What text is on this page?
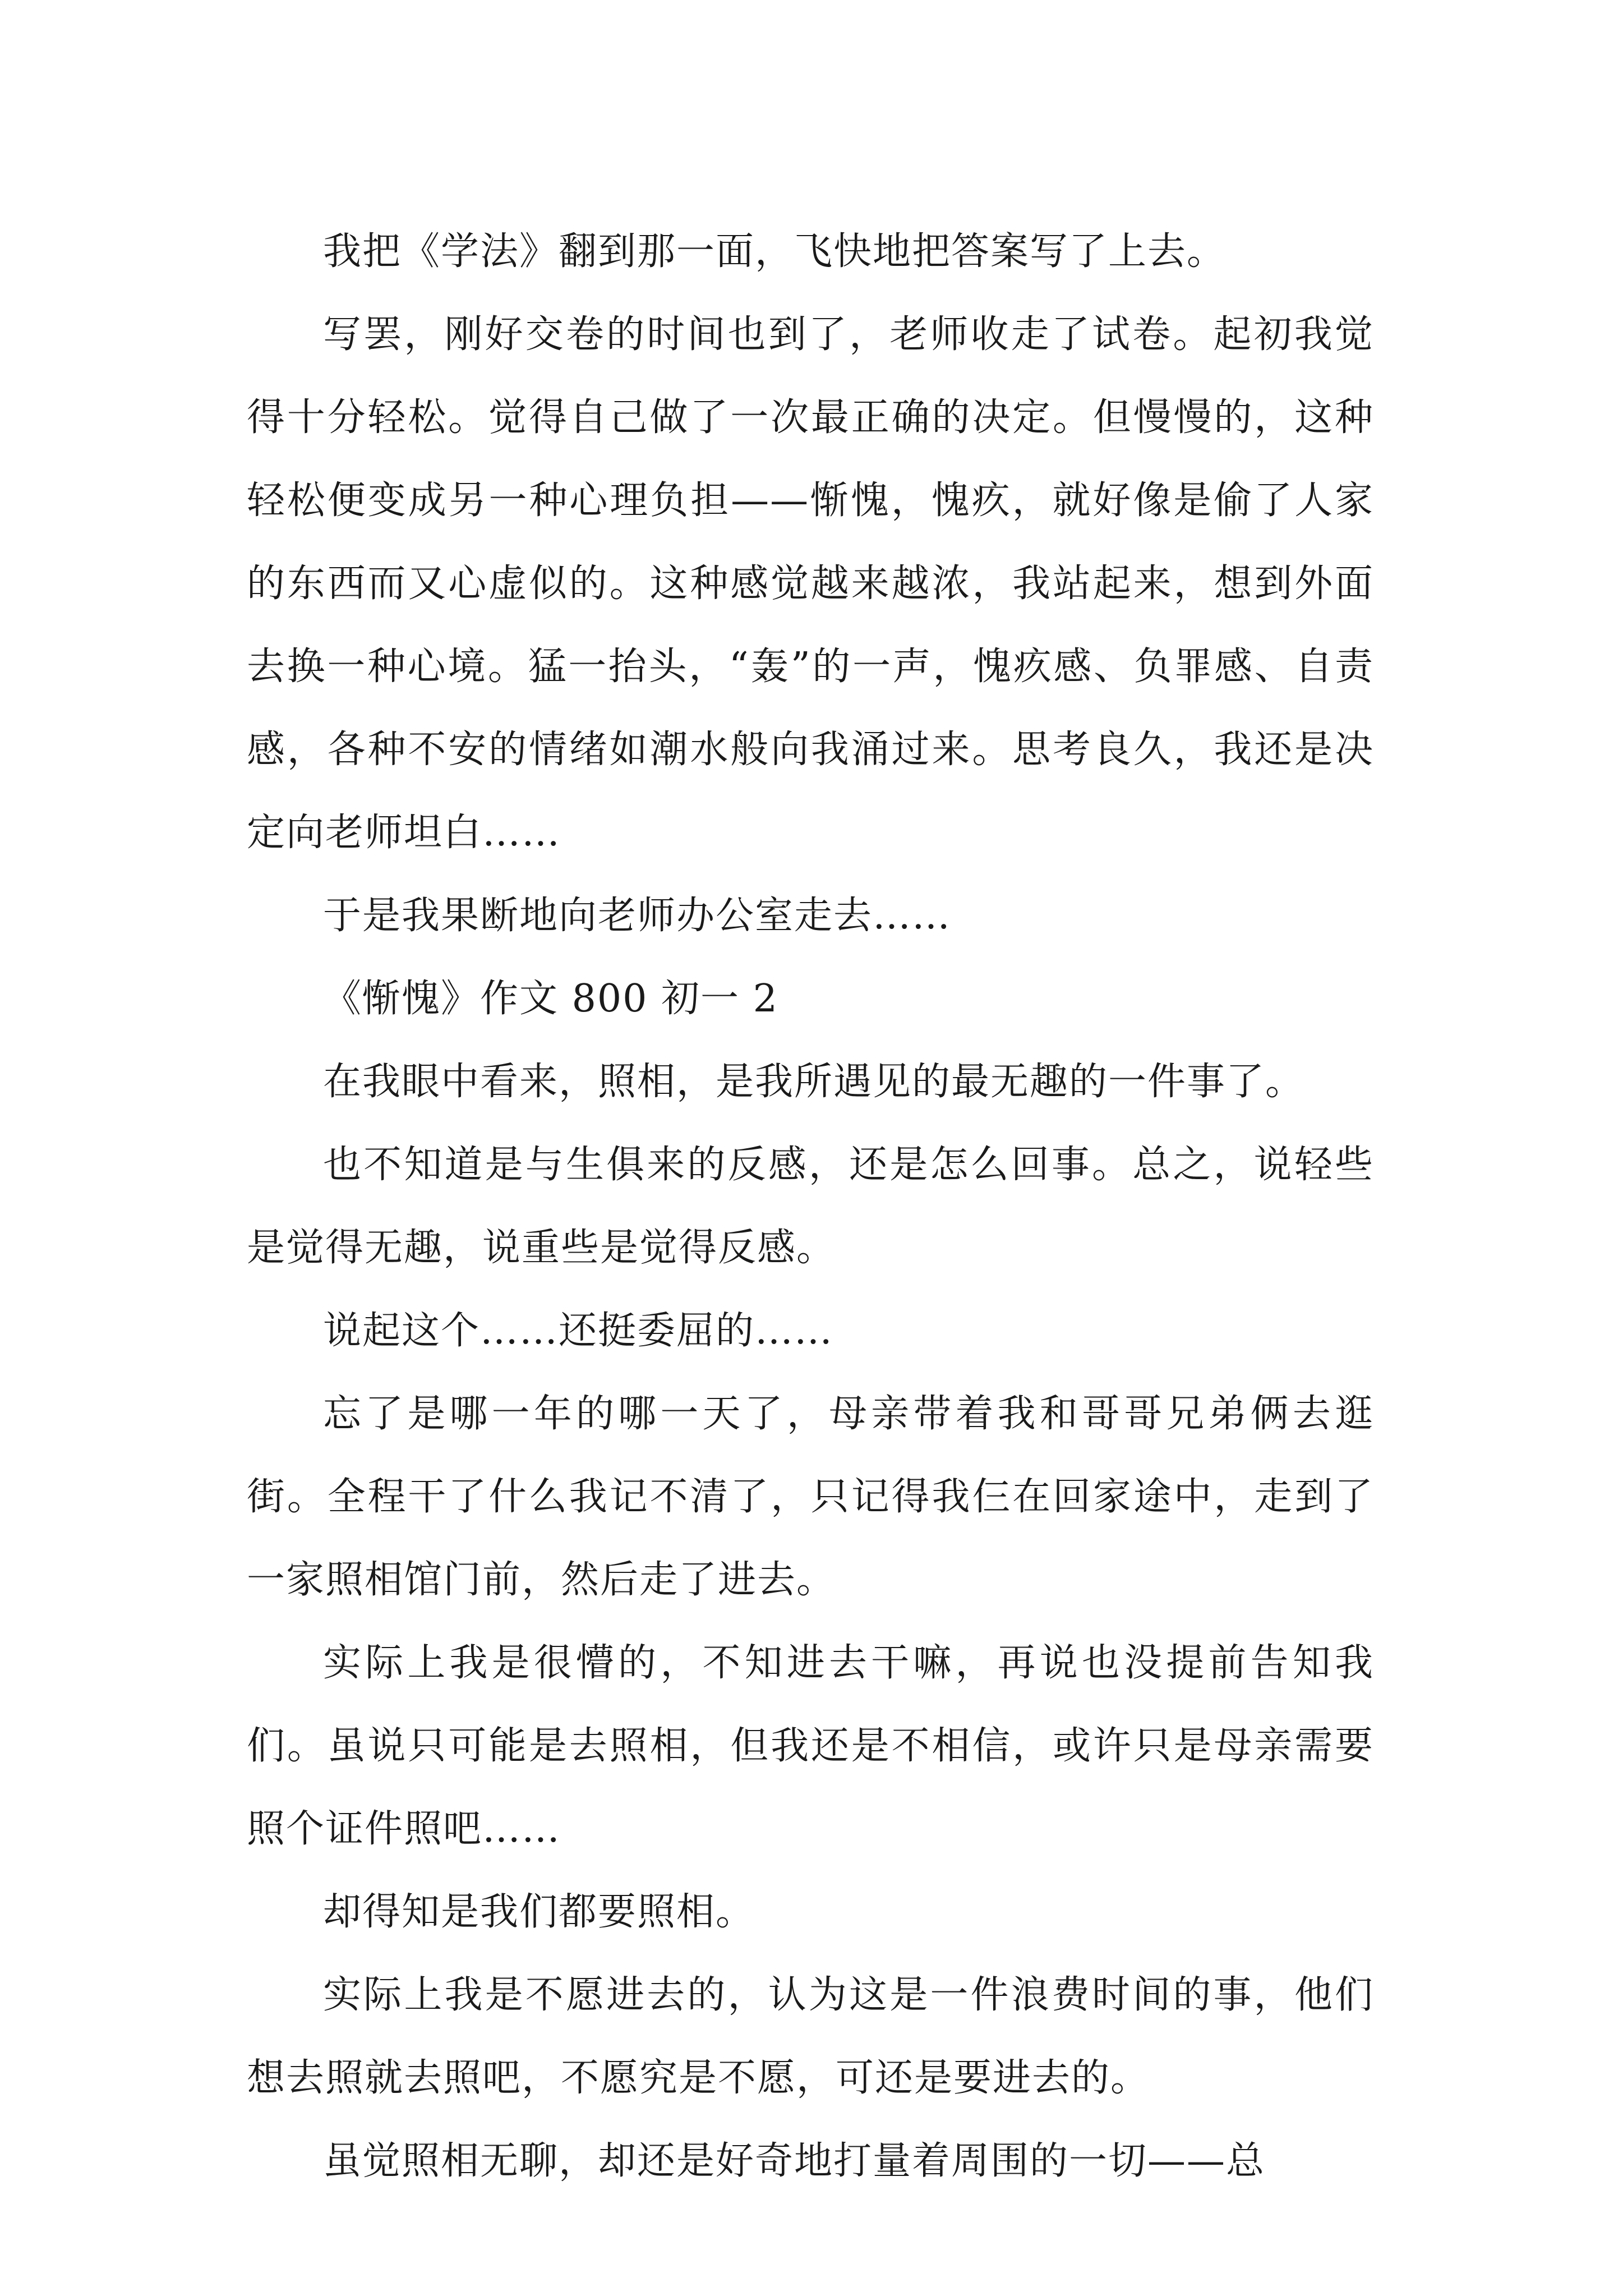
我把《学法》翻到那一面，飞快地把答案写了上去。

写罢，刚好交卷的时间也到了，老师收走了试卷。起初我觉得十分轻松。觉得自己做了一次最正确的决定。但慢慢的，这种轻松便变成另一种心理负担——惭愧，愧疚，就好像是偷了人家的东西而又心虚似的。这种感觉越来越浓，我站起来，想到外面去换一种心境。猛一抬头，“轰”的一声，愧疚感、负罪感、自责感，各种不安的情绪如潮水般向我涌过来。思考良久，我还是决定向老师坦白……

于是我果断地向老师办公室走去……

《惭愧》作文 800 初一 2

在我眼中看来，照相，是我所遇见的最无趣的一件事了。

也不知道是与生俱来的反感，还是怎么回事。总之，说轻些是觉得无趣，说重些是觉得反感。

说起这个……还挺委屈的……

忘了是哪一年的哪一天了，母亲带着我和哥哥兄弟俩去逛街。全程干了什么我记不清了，只记得我仨在回家途中，走到了一家照相馆门前，然后走了进去。

实际上我是很懵的，不知进去干嘛，再说也没提前告知我们。虽说只可能是去照相，但我还是不相信，或许只是母亲需要照个证件照吧……

却得知是我们都要照相。

实际上我是不愿进去的，认为这是一件浪费时间的事，他们想去照就去照吧，不愿究是不愿，可还是要进去的。

虽觉照相无聊，却还是好奇地打量着周围的一切——总
